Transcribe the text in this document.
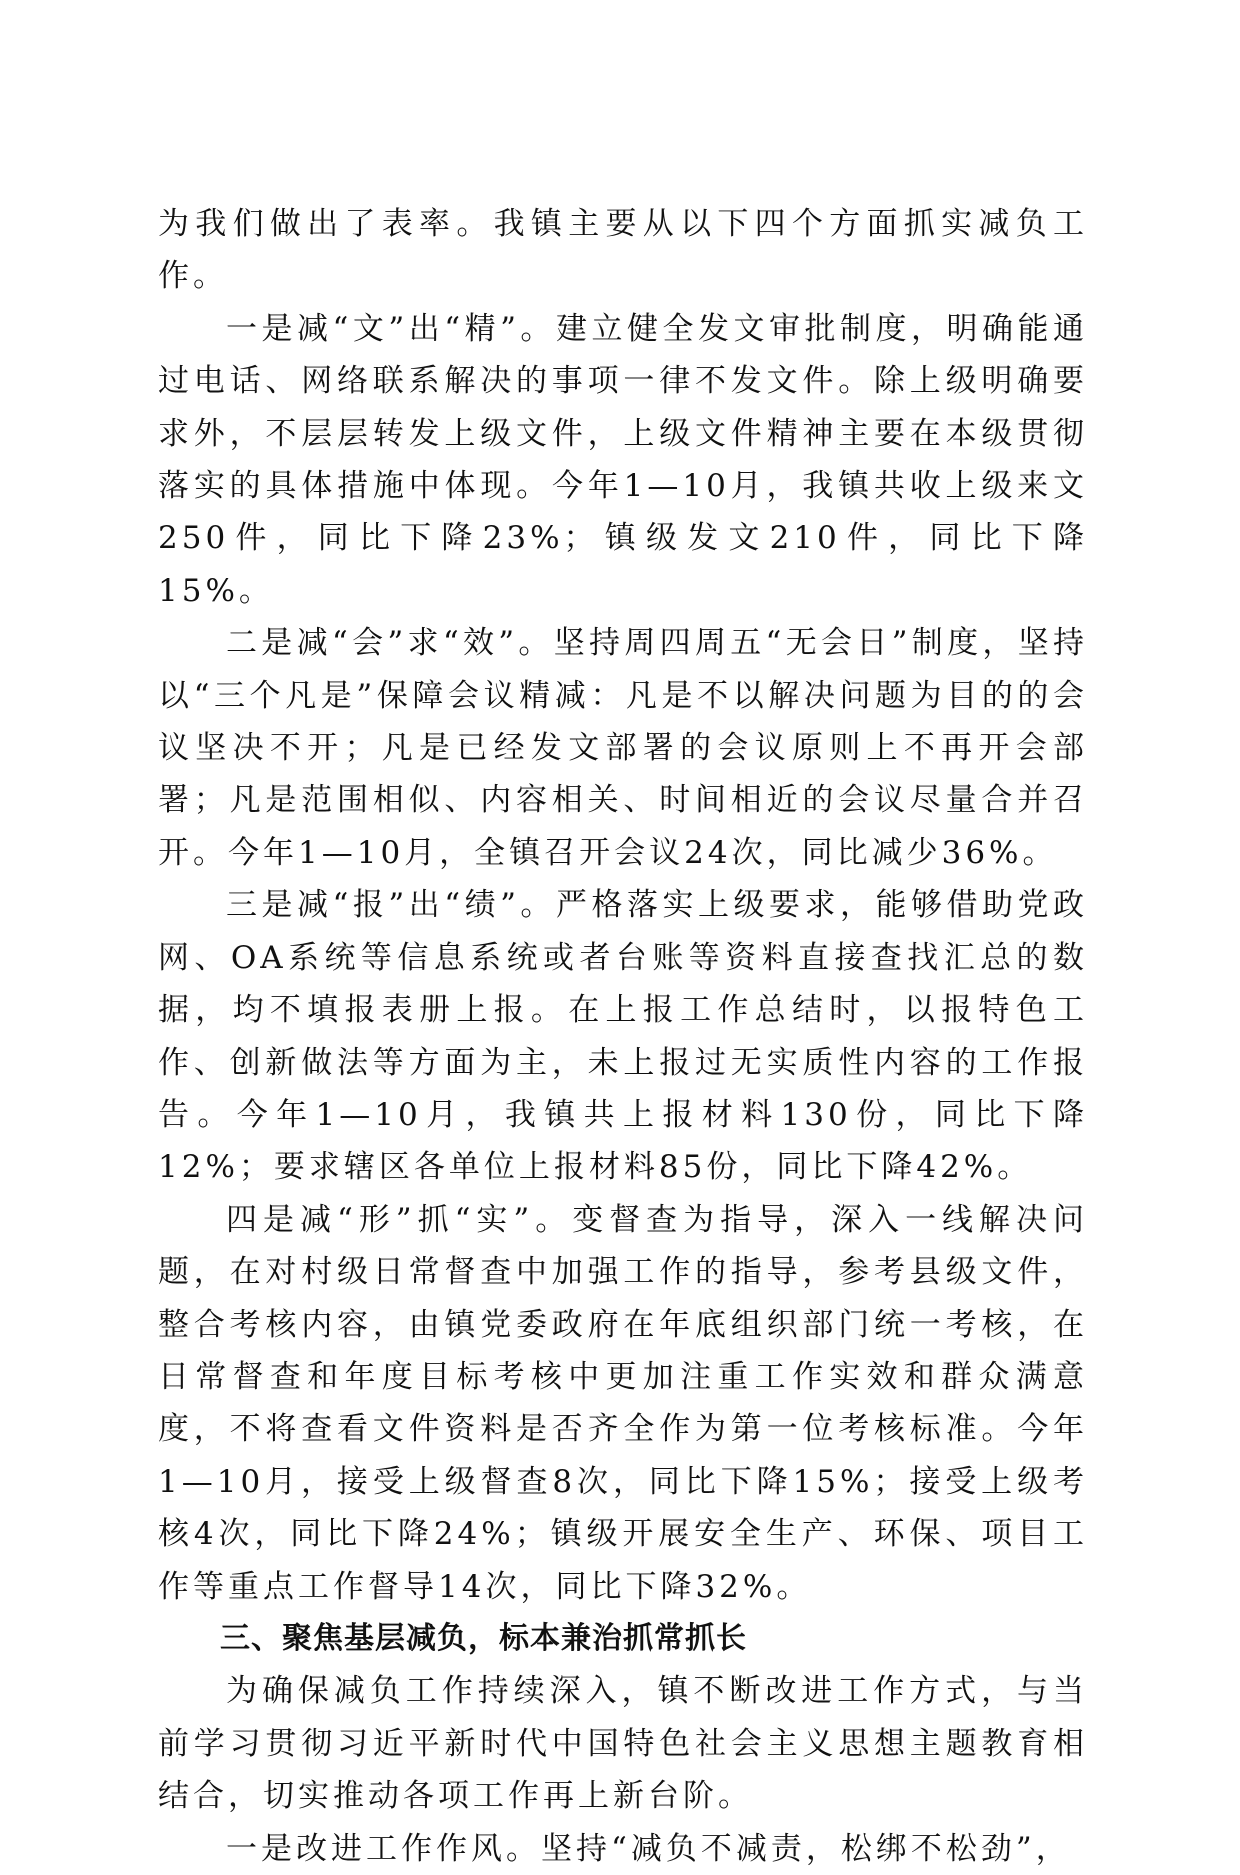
为我们做出了表率。我镇主要从以下四个方面抓实减负工作。

一是减“文”出“精”。建立健全发文审批制度，明确能通过电话、网络联系解决的事项一律不发文件。除上级明确要求外，不层层转发上级文件，上级文件精神主要在本级贯彻落实的具体措施中体现。今年1—10月，我镇共收上级来文250件，同比下降23%；镇级发文210件，同比下降15%。

二是减“会”求“效”。坚持周四周五“无会日”制度，坚持以“三个凡是”保障会议精减：凡是不以解决问题为目的的会议坚决不开；凡是已经发文部署的会议原则上不再开会部署；凡是范围相似、内容相关、时间相近的会议尽量合并召开。今年1—10月，全镇召开会议24次，同比减少36%。

三是减“报”出“绩”。严格落实上级要求，能够借助党政网、OA系统等信息系统或者台账等资料直接查找汇总的数据，均不填报表册上报。在上报工作总结时，以报特色工作、创新做法等方面为主，未上报过无实质性内容的工作报告。今年1—10月，我镇共上报材料130份，同比下降12%；要求辖区各单位上报材料85份，同比下降42%。

四是减“形”抓“实”。变督查为指导，深入一线解决问题，在对村级日常督查中加强工作的指导，参考县级文件，整合考核内容，由镇党委政府在年底组织部门统一考核，在日常督查和年度目标考核中更加注重工作实效和群众满意度，不将查看文件资料是否齐全作为第一位考核标准。今年1—10月，接受上级督查8次，同比下降15%；接受上级考核4次，同比下降24%；镇级开展安全生产、环保、项目工作等重点工作督导14次，同比下降32%。

三、聚焦基层减负，标本兼治抓常抓长

为确保减负工作持续深入，镇不断改进工作方式，与当前学习贯彻习近平新时代中国特色社会主义思想主题教育相结合，切实推动各项工作再上新台阶。

一是改进工作作风。坚持“减负不减责，松绑不松劲”，
